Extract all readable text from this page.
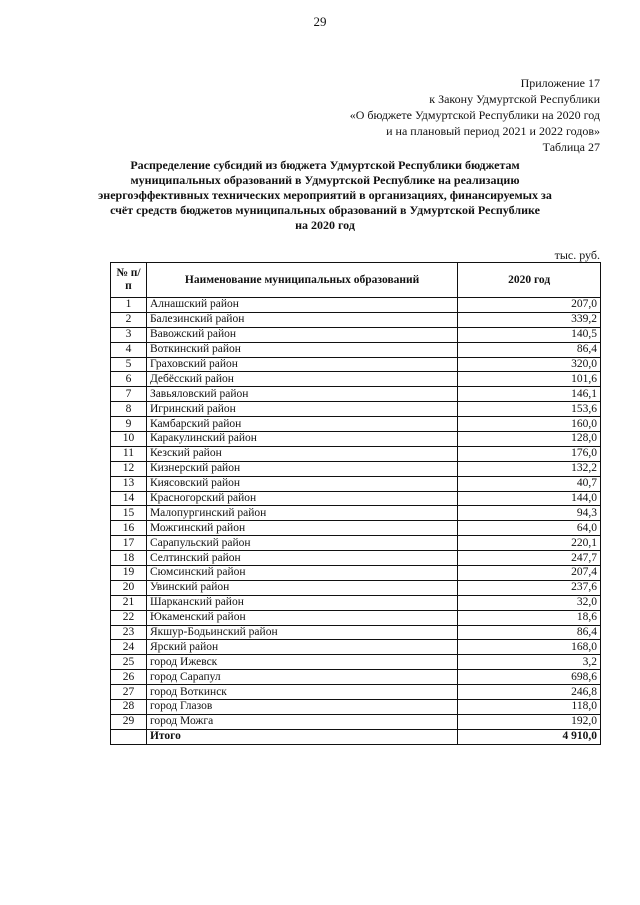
29
Приложение 17
к Закону Удмуртской Республики
«О бюджете Удмуртской Республики на 2020 год
и на плановый период 2021 и 2022 годов»
Таблица 27
Распределение субсидий из бюджета Удмуртской Республики бюджетам
муниципальных образований в Удмуртской Республике на реализацию
энергоэффективных технических мероприятий в организациях, финансируемых за
счёт средств бюджетов муниципальных образований в Удмуртской Республике
на 2020 год
тыс. руб.
№ п/п	Наименование муниципальных образований	2020 год
1	Алнашский район	207,0
2	Балезинский район	339,2
3	Вавожский район	140,5
4	Воткинский район	86,4
5	Граховский район	320,0
6	Дебёсский район	101,6
7	Завьяловский район	146,1
8	Игринский район	153,6
9	Камбарский район	160,0
10	Каракулинский район	128,0
11	Кезский район	176,0
12	Кизнерский район	132,2
13	Киясовский район	40,7
14	Красногорский район	144,0
15	Малопургинский район	94,3
16	Можгинский район	64,0
17	Сарапульский район	220,1
18	Селтинский район	247,7
19	Сюмсинский район	207,4
20	Увинский район	237,6
21	Шарканский район	32,0
22	Юкаменский район	18,6
23	Якшур-Бодьинский район	86,4
24	Ярский район	168,0
25	город Ижевск	3,2
26	город Сарапул	698,6
27	город Воткинск	246,8
28	город Глазов	118,0
29	город Можга	192,0
	Итого	4 910,0
